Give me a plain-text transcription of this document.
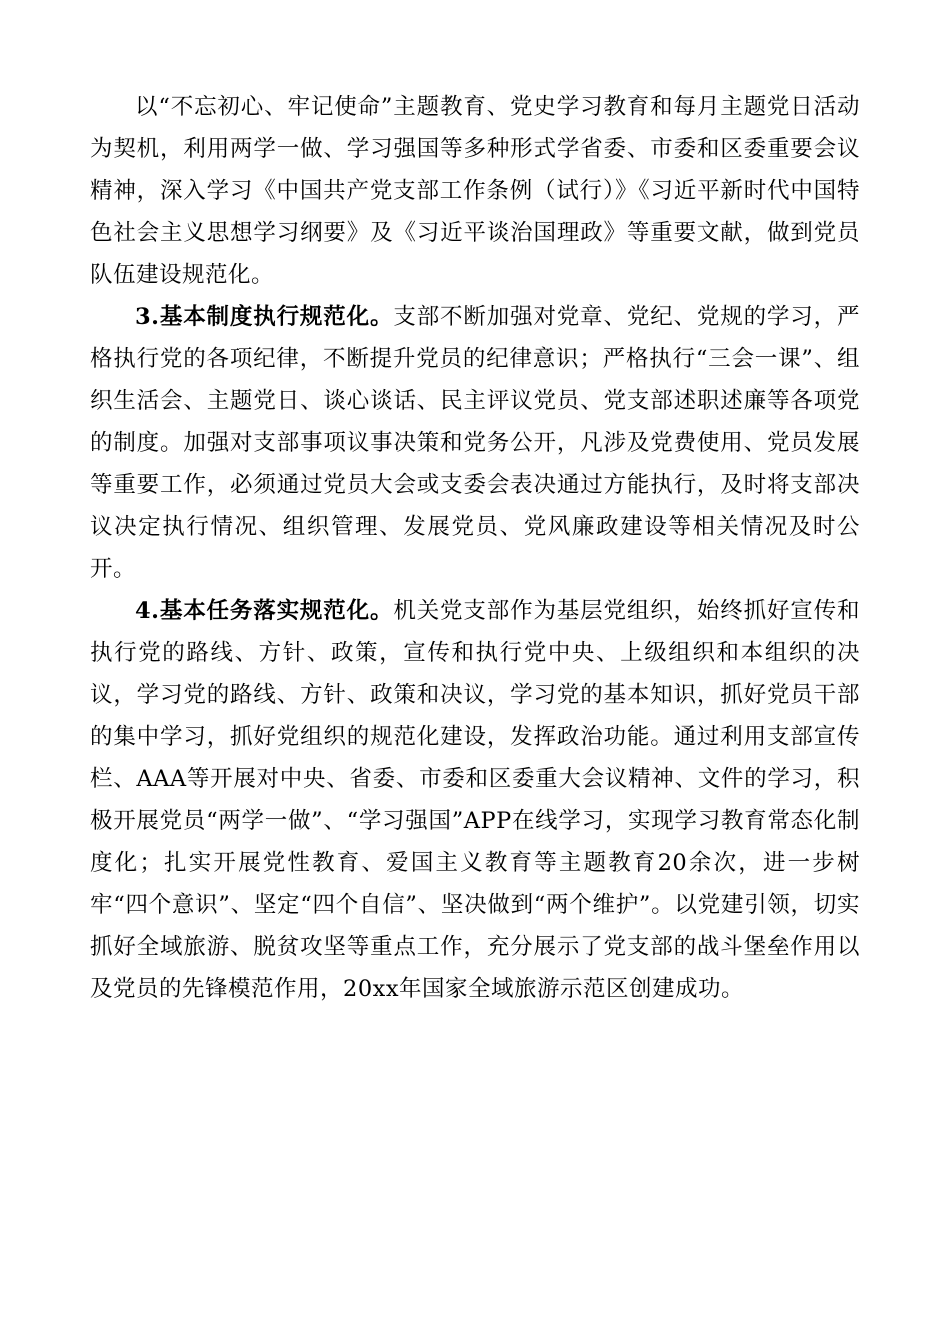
以“不忘初心、牢记使命”主题教育、党史学习教育和每月主题党日活动为契机，利用两学一做、学习强国等多种形式学省委、市委和区委重要会议精神，深入学习《中国共产党支部工作条例（试行）》《习近平新时代中国特色社会主义思想学习纲要》及《习近平谈治国理政》等重要文献，做到党员队伍建设规范化。

3.基本制度执行规范化。支部不断加强对党章、党纪、党规的学习，严格执行党的各项纪律，不断提升党员的纪律意识；严格执行“三会一课”、组织生活会、主题党日、谈心谈话、民主评议党员、党支部述职述廉等各项党的制度。加强对支部事项议事决策和党务公开，凡涉及党费使用、党员发展等重要工作，必须通过党员大会或支委会表决通过方能执行，及时将支部决议决定执行情况、组织管理、发展党员、党风廉政建设等相关情况及时公开。

4.基本任务落实规范化。机关党支部作为基层党组织，始终抓好宣传和执行党的路线、方针、政策，宣传和执行党中央、上级组织和本组织的决议，学习党的路线、方针、政策和决议，学习党的基本知识，抓好党员干部的集中学习，抓好党组织的规范化建设，发挥政治功能。通过利用支部宣传栏、AAA等开展对中央、省委、市委和区委重大会议精神、文件的学习，积极开展党员“两学一做”、“学习强国”APP在线学习，实现学习教育常态化制度化；扎实开展党性教育、爱国主义教育等主题教育20余次，进一步树牢“四个意识”、坚定“四个自信”、坚决做到“两个维护”。以党建引领，切实抓好全域旅游、脱贫攻坚等重点工作，充分展示了党支部的战斗堡垒作用以及党员的先锋模范作用，20xx年国家全域旅游示范区创建成功。
